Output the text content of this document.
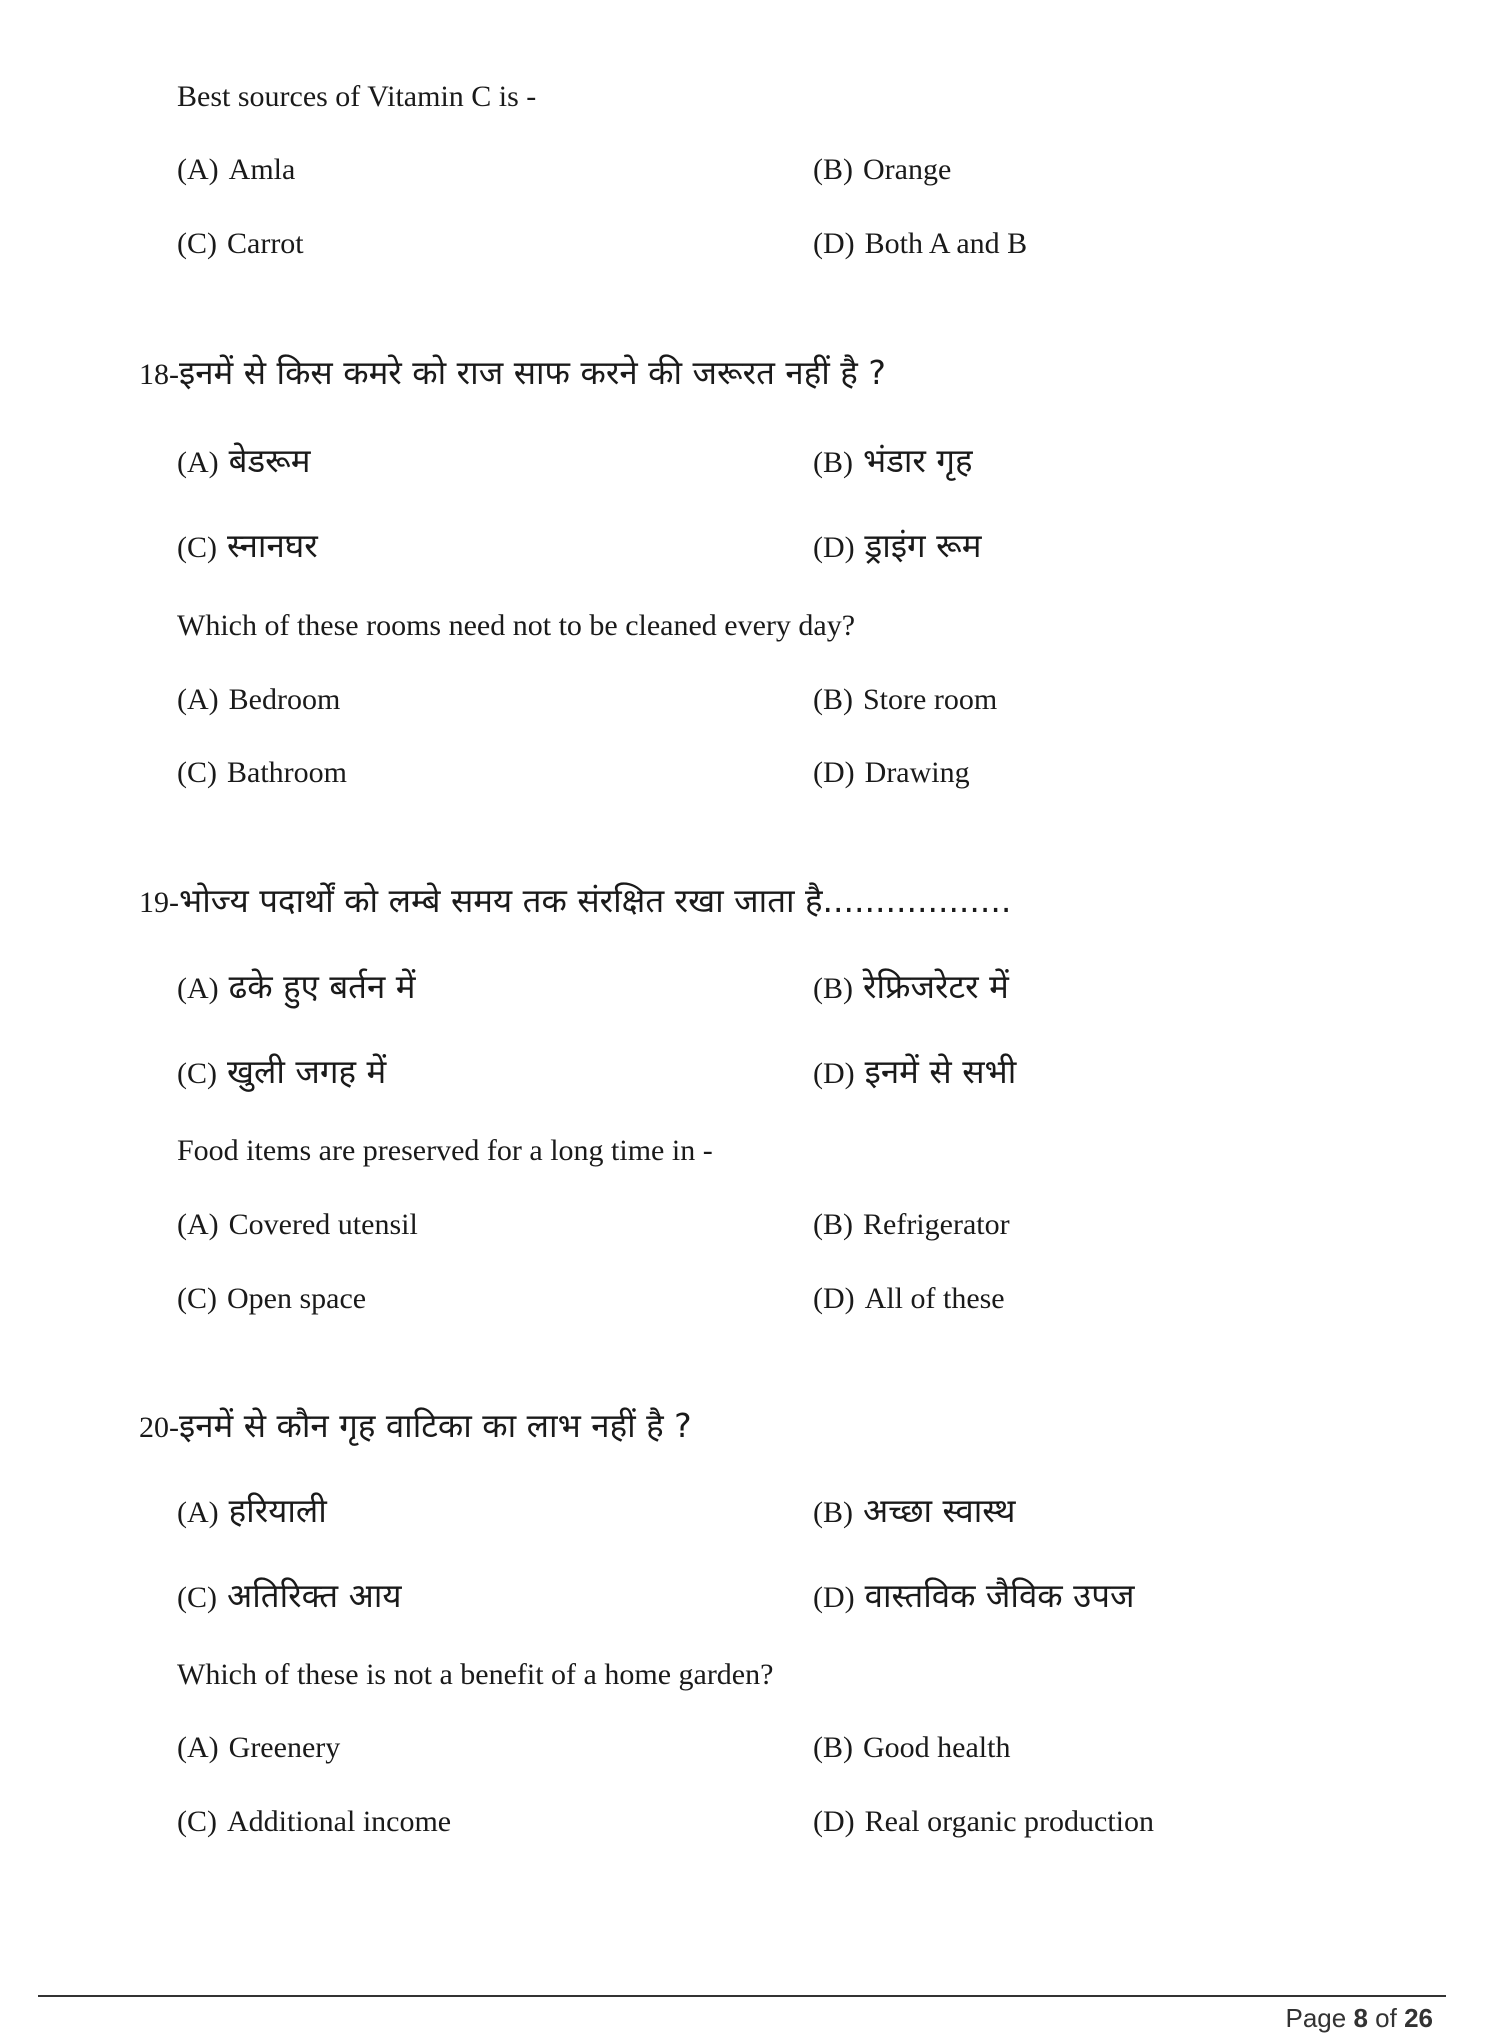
Best sources of Vitamin C is -
(A) Amla	(B) Orange
(C) Carrot	(D) Both A and B
18-इनमें से किस कमरे को राज साफ करने की जरूरत नहीं है ?
(A) बेडरूम	(B) भंडार गृह
(C) स्नानघर	(D) ड्राइंग रूम
Which of these rooms need not to be cleaned every day?
(A) Bedroom	(B) Store room
(C) Bathroom	(D) Drawing
19-भोज्य पदार्थों को लम्बे समय तक संरक्षित रखा जाता है..................
(A) ढके हुए बर्तन में	(B) रेफ्रिजरेटर में
(C) खुली जगह में	(D) इनमें से सभी
Food items are preserved for a long time in -
(A) Covered utensil	(B) Refrigerator
(C) Open space	(D) All of these
20-इनमें से कौन गृह वाटिका का लाभ नहीं है ?
(A) हरियाली	(B) अच्छा स्वास्थ
(C) अतिरिक्त आय	(D) वास्तविक जैविक उपज
Which of these is not a benefit of a home garden?
(A) Greenery	(B) Good health
(C) Additional income	(D) Real organic production
Page 8 of 26
